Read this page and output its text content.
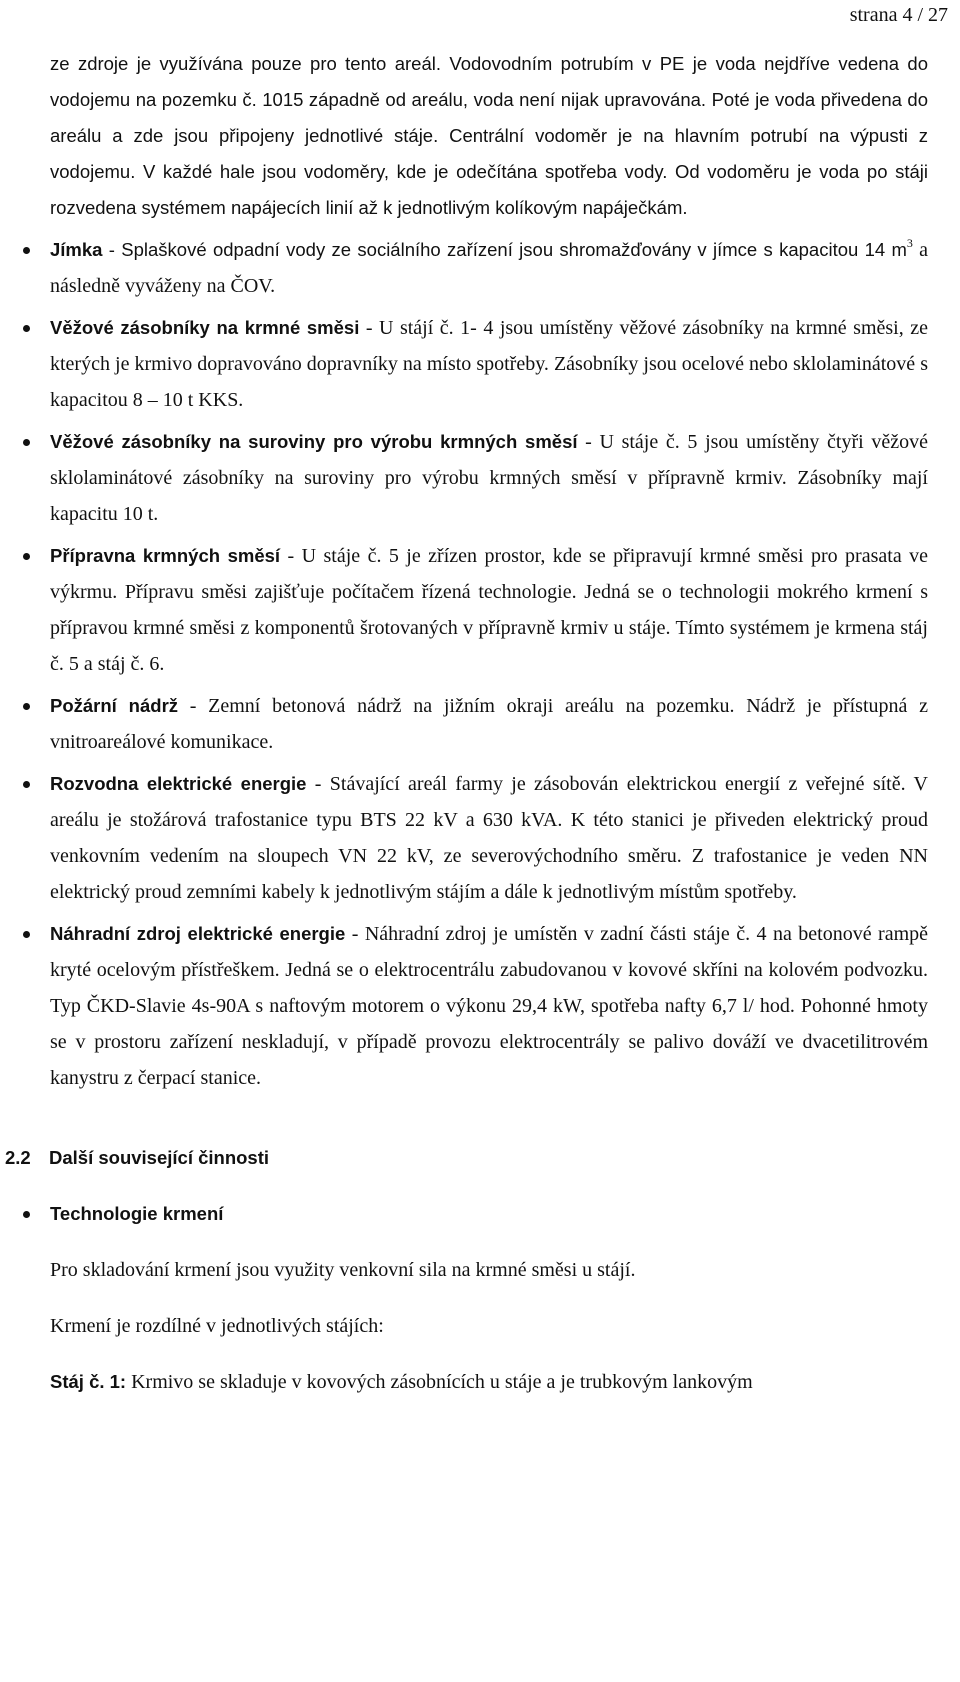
strana 4 / 27

ze zdroje je využívána pouze pro tento areál. Vodovodním potrubím v PE je voda nejdříve vedena do vodojemu na pozemku č. 1015 západně od areálu, voda není nijak upravována. Poté je voda přivedena do areálu a zde jsou připojeny jednotlivé stáje. Centrální vodoměr je na hlavním potrubí na výpusti z vodojemu. V každé hale jsou vodoměry, kde je odečítána spotřeba vody. Od vodoměru je voda po stáji rozvedena systémem napájecích linií až k jednotlivým kolíkovým napáječkám.

Jímka - Splaškové odpadní vody ze sociálního zařízení jsou shromažďovány v jímce s kapacitou 14 $m^3$ a následně vyváženy na ČOV.

Věžové zásobníky na krmné směsi - U stájí č. 1- 4 jsou umístěny věžové zásobníky na krmné směsi, ze kterých je krmivo dopravováno dopravníky na místo spotřeby. Zásobníky jsou ocelové nebo sklolaminátové s kapacitou 8 – 10 t KKS.

Věžové zásobníky na suroviny pro výrobu krmných směsí - U stáje č. 5 jsou umístěny čtyři věžové sklolaminátové zásobníky na suroviny pro výrobu krmných směsí v přípravně krmiv. Zásobníky mají kapacitu 10 t.

Přípravna krmných směsí - U stáje č. 5 je zřízen prostor, kde se připravují krmné směsi pro prasata ve výkrmu. Přípravu směsi zajišťuje počítačem řízená technologie. Jedná se o technologii mokrého krmení s přípravou krmné směsi z komponentů šrotovaných v přípravně krmiv u stáje. Tímto systémem je krmena stáj č. 5 a stáj č. 6.

Požární nádrž - Zemní betonová nádrž na jižním okraji areálu na pozemku. Nádrž je přístupná z vnitroareálové komunikace.

Rozvodna elektrické energie - Stávající areál farmy je zásobován elektrickou energií z veřejné sítě. V areálu je stožárová trafostanice typu BTS 22 kV a 630 kVA. K této stanici je přiveden elektrický proud venkovním vedením na sloupech VN 22 kV, ze severovýchodního směru. Z trafostanice je veden NN elektrický proud zemními kabely k jednotlivým stájím a dále k jednotlivým místům spotřeby.

Náhradní zdroj elektrické energie - Náhradní zdroj je umístěn v zadní části stáje č. 4 na betonové rampě kryté ocelovým přístřeškem. Jedná se o elektrocentrálu zabudovanou v kovové skříni na kolovém podvozku. Typ ČKD-Slavie 4s-90A s naftovým motorem o výkonu 29,4 kW, spotřeba nafty 6,7 l/ hod. Pohonné hmoty se v prostoru zařízení neskladují, v případě provozu elektrocentrály se palivo dováží ve dvacetilitrovém kanystru z čerpací stanice.

2.2 Další související činnosti

Technologie krmení

Pro skladování krmení jsou využity venkovní sila na krmné směsi u stájí.

Krmení je rozdílné v jednotlivých stájích:

Stáj č. 1: Krmivo se skladuje v kovových zásobnících u stáje a je trubkovým lankovým
